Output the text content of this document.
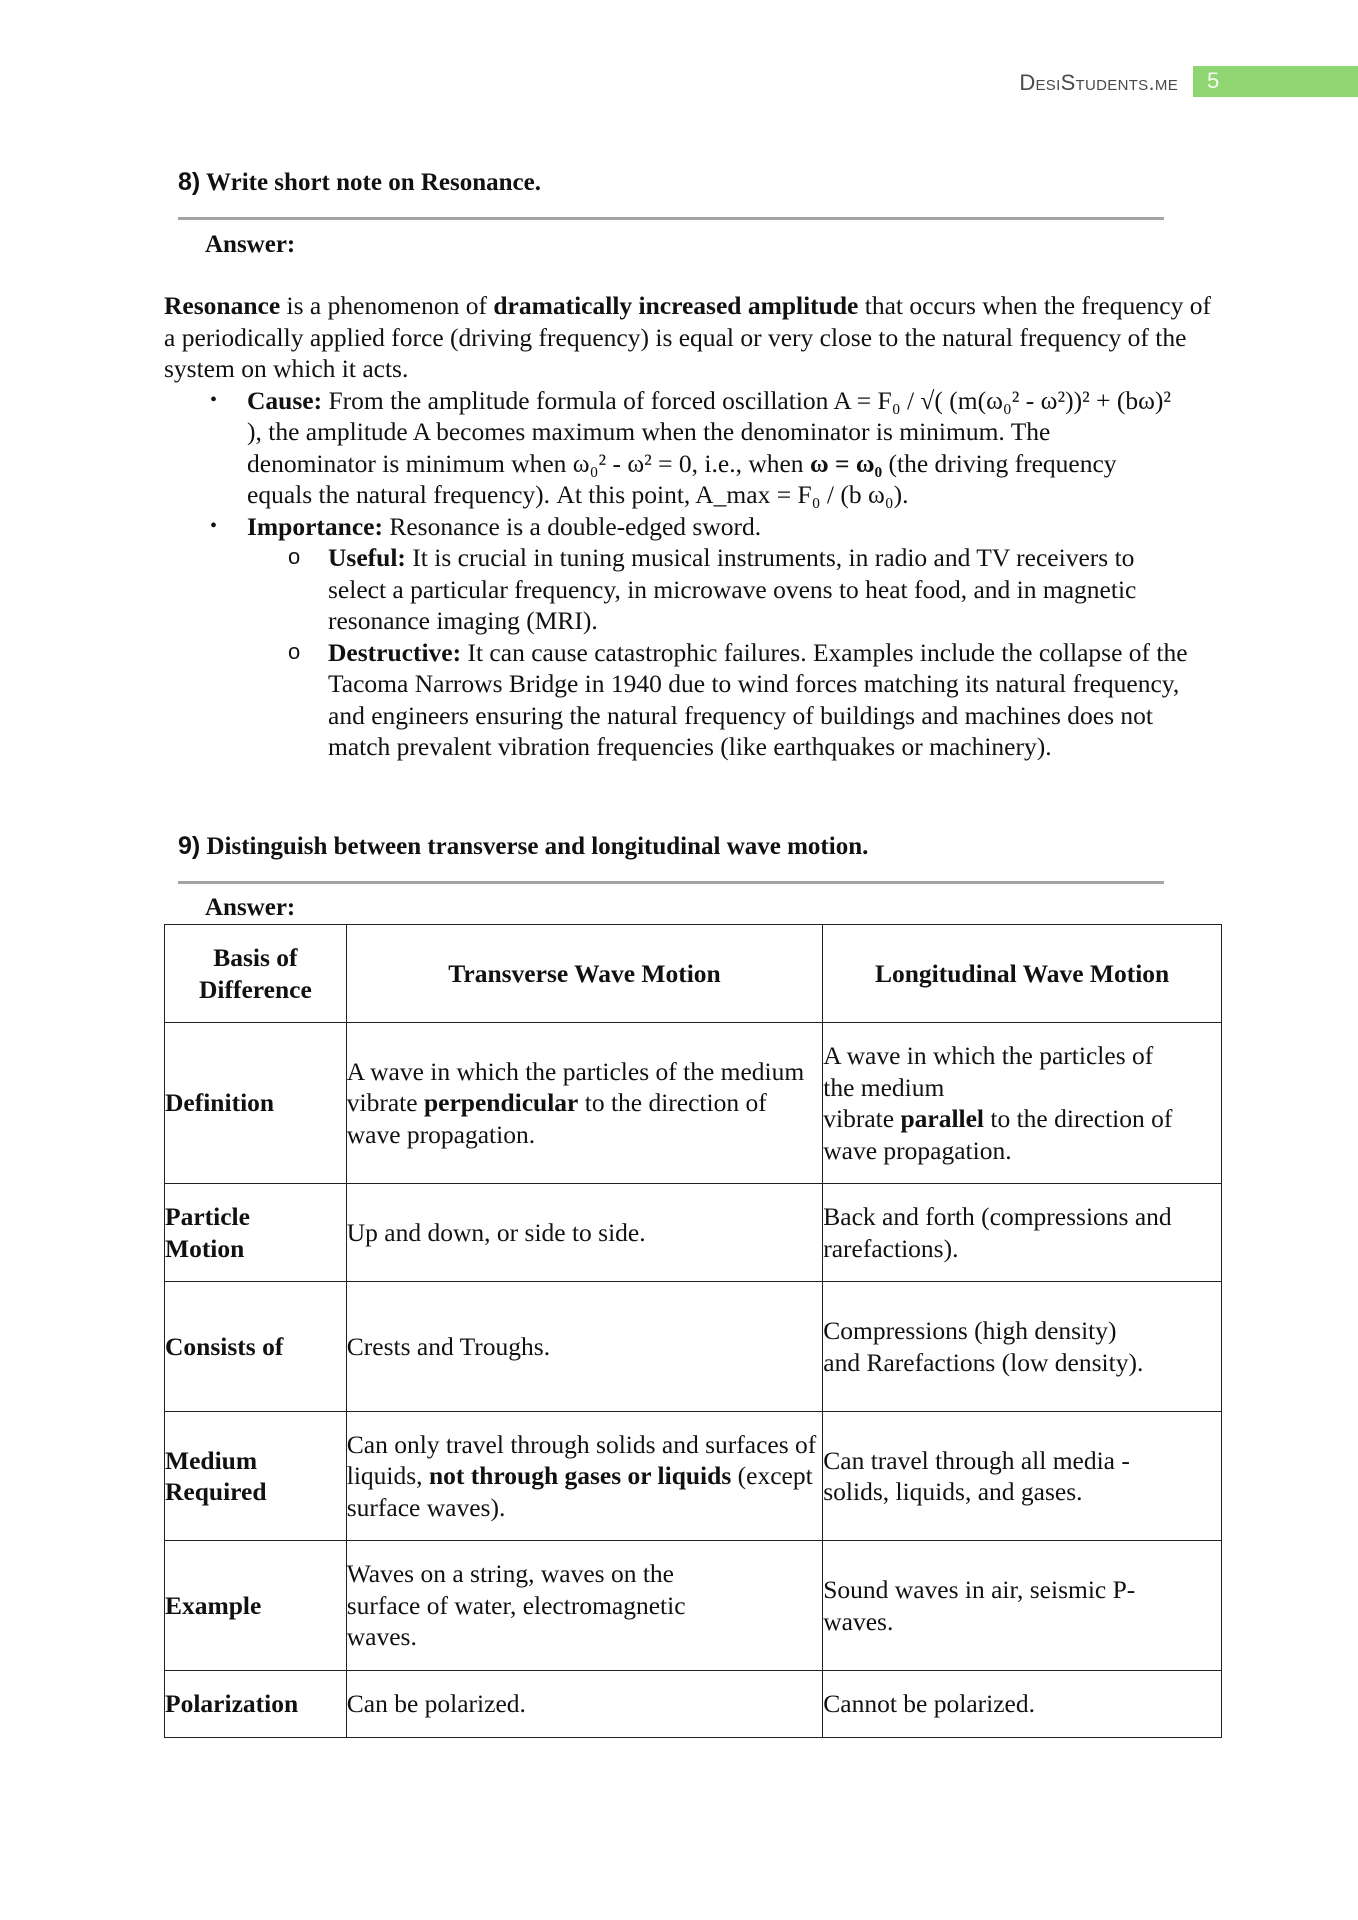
DesiStudents.me 5
8) Write short note on Resonance.
Answer:

Resonance is a phenomenon of dramatically increased amplitude that occurs when the frequency of a periodically applied force (driving frequency) is equal or very close to the natural frequency of the system on which it acts.

• Cause: From the amplitude formula of forced oscillation A = F₀ / √( (m(ω₀² - ω²))² + (bω)² ), the amplitude A becomes maximum when the denominator is minimum. The denominator is minimum when ω₀² - ω² = 0, i.e., when ω = ω₀ (the driving frequency equals the natural frequency). At this point, A_max = F₀ / (b ω₀).
• Importance: Resonance is a double-edged sword.
o Useful: It is crucial in tuning musical instruments, in radio and TV receivers to select a particular frequency, in microwave ovens to heat food, and in magnetic resonance imaging (MRI).
o Destructive: It can cause catastrophic failures. Examples include the collapse of the Tacoma Narrows Bridge in 1940 due to wind forces matching its natural frequency, and engineers ensuring the natural frequency of buildings and machines does not match prevalent vibration frequencies (like earthquakes or machinery).
9) Distinguish between transverse and longitudinal wave motion.
Answer:
Basis of Difference	Transverse Wave Motion	Longitudinal Wave Motion
Definition	A wave in which the particles of the medium vibrate perpendicular to the direction of wave propagation.	A wave in which the particles of the medium
vibrate parallel to the direction of wave propagation.
Particle Motion	Up and down, or side to side.	Back and forth (compressions and rarefactions).
Consists of	Crests and Troughs.	Compressions (high density) and Rarefactions (low density).
Medium Required	Can only travel through solids and surfaces of liquids, not through gases or liquids (except surface waves).	Can travel through all media - solids, liquids, and gases.
Example	Waves on a string, waves on the surface of water, electromagnetic waves.	Sound waves in air, seismic P-waves.
Polarization	Can be polarized.	Cannot be polarized.
